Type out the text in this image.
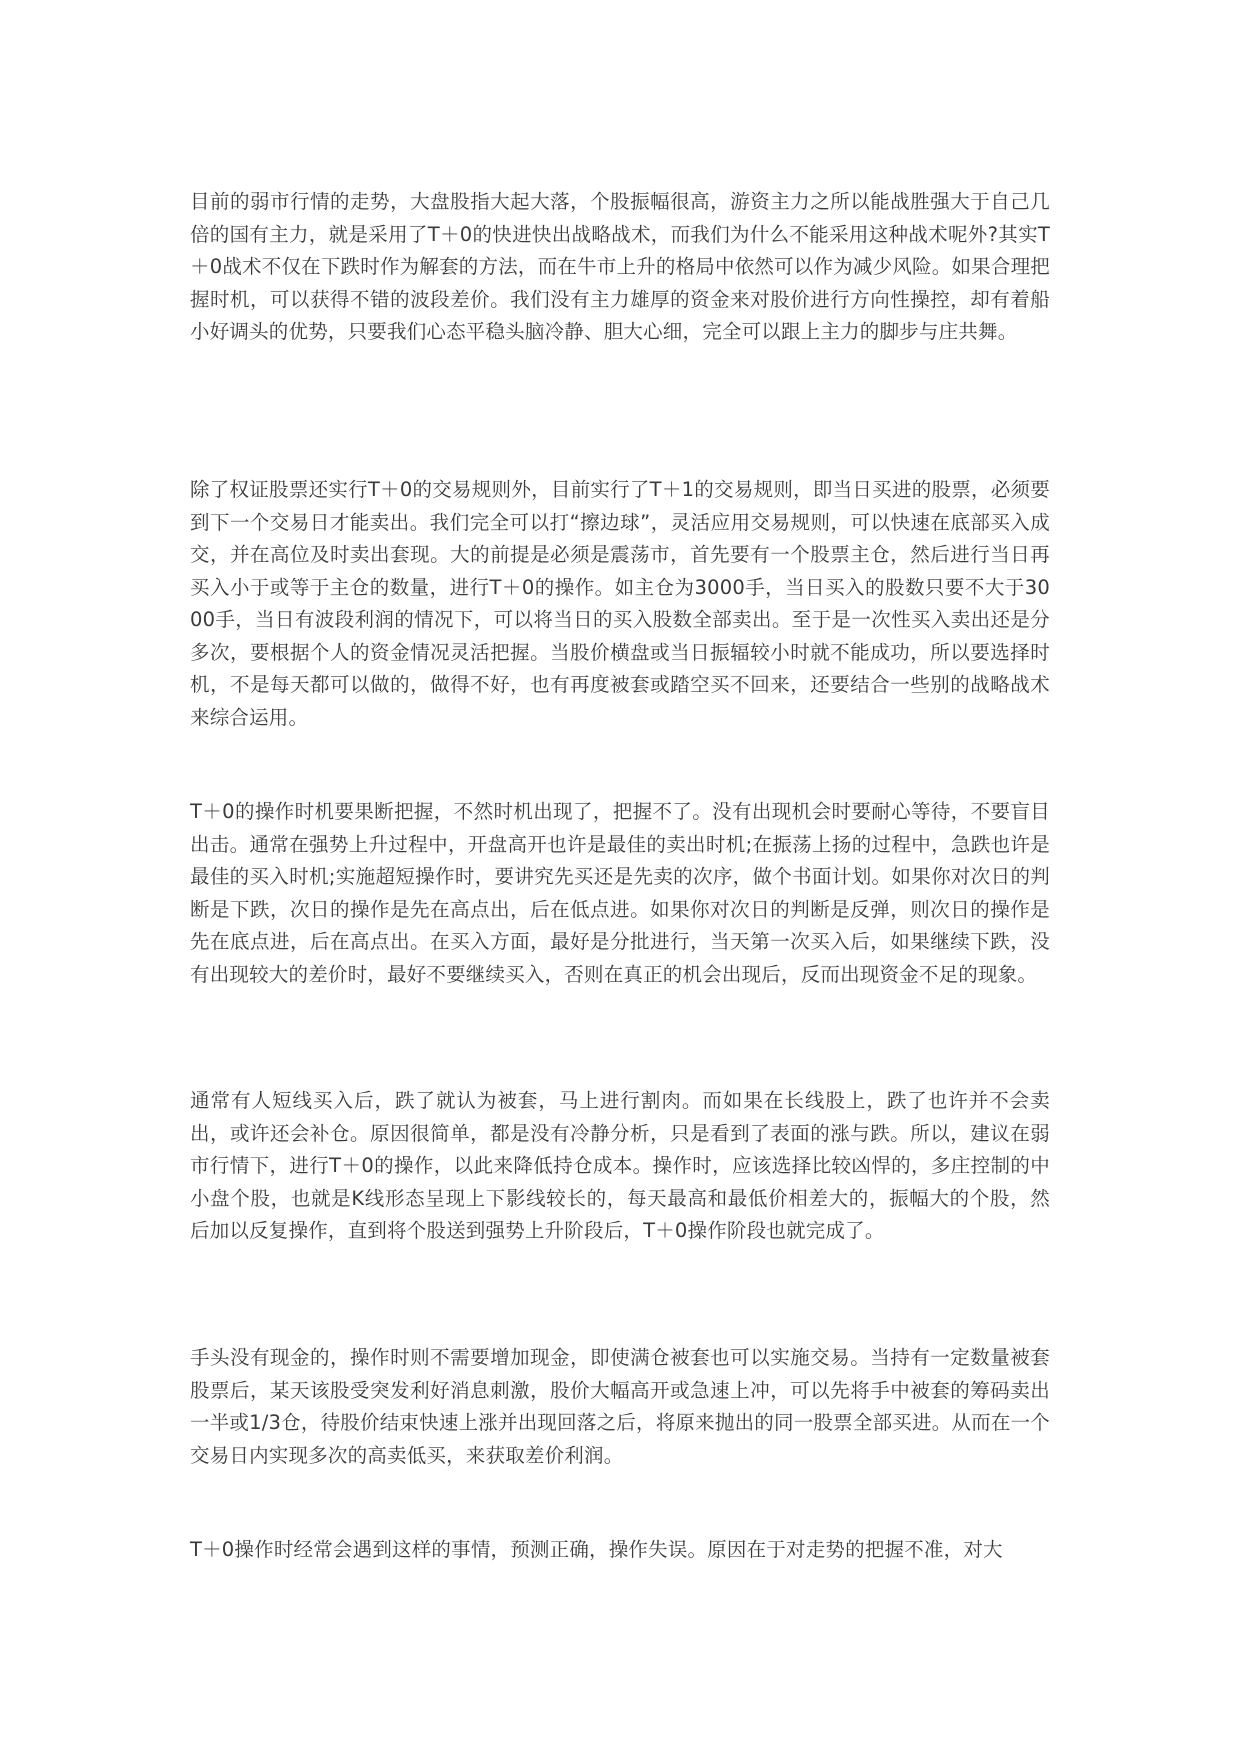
目前的弱市行情的走势，大盘股指大起大落，个股振幅很高，游资主力之所以能战胜强大于自己几倍的国有主力，就是采用了T＋0的快进快出战略战术，而我们为什么不能采用这种战术呢外?其实T＋0战术不仅在下跌时作为解套的方法，而在牛市上升的格局中依然可以作为减少风险。如果合理把握时机，可以获得不错的波段差价。我们没有主力雄厚的资金来对股价进行方向性操控，却有着船小好调头的优势，只要我们心态平稳头脑冷静、胆大心细，完全可以跟上主力的脚步与庄共舞。

除了权证股票还实行T＋0的交易规则外，目前实行了T＋1的交易规则，即当日买进的股票，必须要到下一个交易日才能卖出。我们完全可以打“擦边球”，灵活应用交易规则，可以快速在底部买入成交，并在高位及时卖出套现。大的前提是必须是震荡市，首先要有一个股票主仓，然后进行当日再买入小于或等于主仓的数量，进行T＋0的操作。如主仓为3000手，当日买入的股数只要不大于3000手，当日有波段利润的情况下，可以将当日的买入股数全部卖出。至于是一次性买入卖出还是分多次，要根据个人的资金情况灵活把握。当股价横盘或当日振辐较小时就不能成功，所以要选择时机，不是每天都可以做的，做得不好，也有再度被套或踏空买不回来，还要结合一些别的战略战术来综合运用。

T＋0的操作时机要果断把握，不然时机出现了，把握不了。没有出现机会时要耐心等待，不要盲目出击。通常在强势上升过程中，开盘高开也许是最佳的卖出时机;在振荡上扬的过程中，急跌也许是最佳的买入时机;实施超短操作时，要讲究先买还是先卖的次序，做个书面计划。如果你对次日的判断是下跌，次日的操作是先在高点出，后在低点进。如果你对次日的判断是反弹，则次日的操作是先在底点进，后在高点出。在买入方面，最好是分批进行，当天第一次买入后，如果继续下跌，没有出现较大的差价时，最好不要继续买入，否则在真正的机会出现后，反而出现资金不足的现象。

通常有人短线买入后，跌了就认为被套，马上进行割肉。而如果在长线股上，跌了也许并不会卖出，或许还会补仓。原因很简单，都是没有冷静分析，只是看到了表面的涨与跌。所以，建议在弱市行情下，进行T＋0的操作，以此来降低持仓成本。操作时，应该选择比较凶悍的，多庄控制的中小盘个股，也就是K线形态呈现上下影线较长的，每天最高和最低价相差大的，振幅大的个股，然后加以反复操作，直到将个股送到强势上升阶段后，T＋0操作阶段也就完成了。

手头没有现金的，操作时则不需要增加现金，即使满仓被套也可以实施交易。当持有一定数量被套股票后，某天该股受突发利好消息刺激，股价大幅高开或急速上冲，可以先将手中被套的筹码卖出一半或1/3仓，待股价结束快速上涨并出现回落之后，将原来抛出的同一股票全部买进。从而在一个交易日内实现多次的高卖低买，来获取差价利润。

T＋0操作时经常会遇到这样的事情，预测正确，操作失误。原因在于对走势的把握不准，对大
